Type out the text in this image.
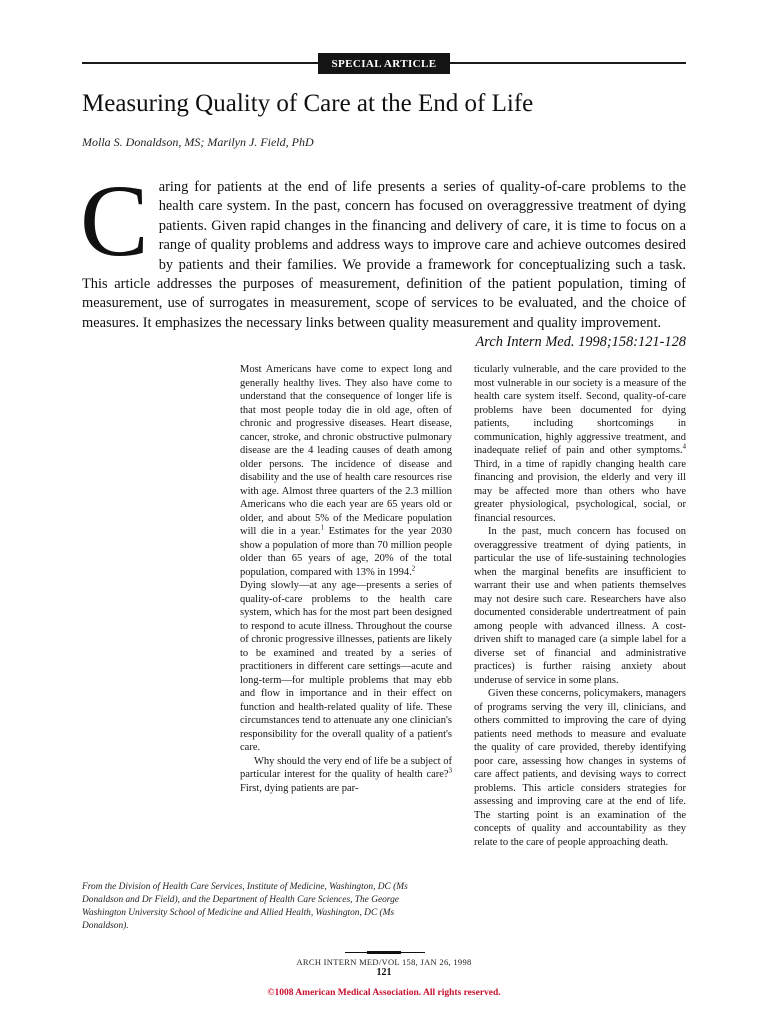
SPECIAL ARTICLE
Measuring Quality of Care at the End of Life
Molla S. Donaldson, MS; Marilyn J. Field, PhD
Caring for patients at the end of life presents a series of quality-of-care problems to the health care system. In the past, concern has focused on overaggressive treatment of dying patients. Given rapid changes in the financing and delivery of care, it is time to focus on a range of quality problems and address ways to improve care and achieve outcomes desired by patients and their families. We provide a framework for conceptualizing such a task. This article addresses the purposes of measurement, definition of the patient population, timing of measurement, use of surrogates in measurement, scope of services to be evaluated, and the choice of measures. It emphasizes the necessary links between quality measurement and quality improvement.
Arch Intern Med. 1998;158:121-128

Most Americans have come to expect long and generally healthy lives. They also have come to understand that the consequence of longer life is that most people today die in old age, often of chronic and progressive diseases. Heart disease, cancer, stroke, and chronic obstructive pulmonary disease are the 4 leading causes of death among older persons. The incidence of disease and disability and the use of health care resources rise with age. Almost three quarters of the 2.3 million Americans who die each year are 65 years old or older, and about 5% of the Medicare population will die in a year.$^1$ Estimates for the year 2030 show a population of more than 70 million people older than 65 years of age, 20% of the total population, compared with 13% in 1994.$^2$

Dying slowly—at any age—presents a series of quality-of-care problems to the health care system, which has for the most part been designed to respond to acute illness. Throughout the course of chronic progressive illnesses, patients are likely to be examined and treated by a series of practitioners in different care settings—acute and long-term—for multiple problems that may ebb and flow in importance and in their effect on function and health-related quality of life. These circumstances tend to attenuate any one clinician's responsibility for the overall quality of a patient's care.

Why should the very end of life be a subject of particular interest for the quality of health care?$^3$ First, dying patients are par-

ticularly vulnerable, and the care provided to the most vulnerable in our society is a measure of the health care system itself. Second, quality-of-care problems have been documented for dying patients, including shortcomings in communication, highly aggressive treatment, and inadequate relief of pain and other symptoms.$^4$ Third, in a time of rapidly changing health care financing and provision, the elderly and very ill may be affected more than others who have greater physiological, psychological, social, or financial resources.

In the past, much concern has focused on overaggressive treatment of dying patients, in particular the use of life-sustaining technologies when the marginal benefits are insufficient to warrant their use and when patients themselves may not desire such care. Researchers have also documented considerable undertreatment of pain among people with advanced illness. A cost-driven shift to managed care (a simple label for a diverse set of financial and administrative practices) is further raising anxiety about underuse of service in some plans.

Given these concerns, policymakers, managers of programs serving the very ill, clinicians, and others committed to improving the care of dying patients need methods to measure and evaluate the quality of care provided, thereby identifying poor care, assessing how changes in systems of care affect patients, and devising ways to correct problems. This article considers strategies for assessing and improving care at the end of life. The starting point is an examination of the concepts of quality and accountability as they relate to the care of people approaching death.

From the Division of Health Care Services, Institute of Medicine, Washington, DC (Ms Donaldson and Dr Field), and the Department of Health Care Sciences, The George Washington University School of Medicine and Allied Health, Washington, DC (Ms Donaldson).
ARCH INTERN MED/VOL 158, JAN 26, 1998
121
©1008 American Medical Association. All rights reserved.
